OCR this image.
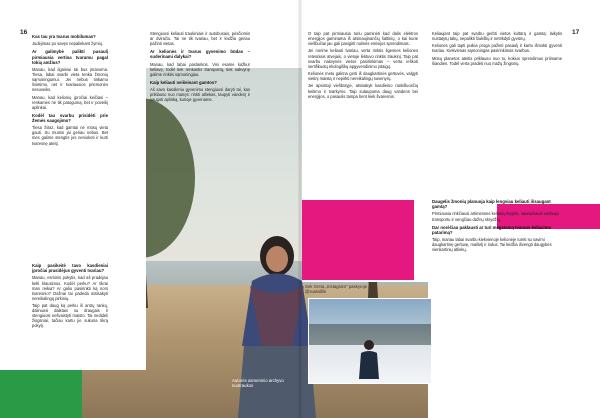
16
Kas tau yra tvarus mobilumas?

Judėjimas po savęs nepaliekant žymių.

Ar galimybė palikti pasaulį pirmiausia vertina tvarumu pagal tokią amžius?

Manau, kad ilgainiui tai bus įmanoma. Tiesa, labai svarbi vieta tenka žmonių sąmoningumui. Jei nebus tinkamo švietimo, net ir tvariausios priemonės nesuveiks.

Manau, kad kelionių įpročiai keičiasi – renkamės ne tik patogumą, bet ir poveikį aplinkai.

Kodėl tau svarbu prisidėti prie Žemės saugojimo?

Tiesa Širaz, kad gamtai ne mūsų vieta gauti. Su mumis jai geriau nebus. Bet mes galime stengtis jos neniokoti ir kurti tvaresnę ateitį.

Kaip pasikeitė tavo kasdieniai įpročiai prasidėjus gyventi tvariau?

Manau, esminis pokytis, kad aš pradėjau kelti klausimus. Kodėl perku? Ar tikrai man reikia? Ar galiu pasirinkti ką nors tvaresnio? Dažnai tai padeda atsisakyti nereikalingų pirkinių.

Taip pat daug ką perku iš antrų rankų, dalinuosi daiktais su draugais ir stengiuosi nešvaistyti maisto. Tai nedideli žingsniai, tačiau kartu jie sukuria tikrą pokytį.

Stengiuosi keliauti traukiniais ir autobusais, pėsčiomis ar dviračiu. Tai ne tik tvariau, bet ir leidžia geriau pažinti vietas.

Ar kelionės ir tvarus gyvenimo būdas – suderinami dalykai?

Manau, kad labai paslankūs. Visi esame kažkur keliavę, todėl tiek renkantis transportą, tiek nakvynę galime rinktis sąmoningiau.

Kaip keliauti neišeinant gamtos?

Aš savo kasdieniu gyvenimu stengiuosi daryti tai, kas priklauso nuo manęs: rinkti atliekas, taupyti vandenį ir saugoti aplinką, kurioje gyvename.

17

O taip pat pirmiausia turiu paminėti kad dalis elektros energijos gaminama iš atsinaujinančių šaltinių, o kai kurie viešbučiai jau gali pasigirti nulinės emisijos sprendimais.

Jei norime keliauti tvariau, verta rinktis ilgesnes keliones retesniais atvejais, o vietoje lėktuvo rinktis traukinį. Taip pat svarbu nakvynės vietos pasirinkimas – verta ieškoti sertifikuotų ekologiškų apgyvendinimo įstaigų.

Kelionės metu galima gerti iš daugkartinės gertuvės, valgyti vietinį maistą ir nepirkti nereikalingų suvenyrų.

Jei apsistoji viešbutyje, atsisakyk kasdienio rankšluosčių keitimo ir tvarkymo. Taip sutaupoma daug vandens bei energijos, o pasaulis tampa bent kiek švaresnis.

Keliaujant taip pat svarbu gerbti vietos kultūrą ir gamtą: laikytis nustatytų takų, nepalikti šiukšlių ir netrikdyti gyvūnų.

Kelionės gali tapti puikia proga pažinti pasaulį ir kartu išmokti gyventi tvariau. Kiekvienas sąmoningas pasirinkimas svarbus.

Mūsų planetos ateitis priklauso nuo to, kokius sprendimus priimame šiandien. Todėl verta pradėti nuo mažų žingsnių.

Daugelis žmonių planuoja kaip lengviau keliauti išsaugant gamtą?

Pirmiausia rinkčiausi artimesnes kelionių kryptis, naudočiausi viešuoju transportu ir vengčiau dažnų skrydžių.

Dar norėčiau paklausti ar turi mėgstamą tvaraus keliavimo patarimą?

Taip, manau labai svarbu kiekvienoje kelionėje turėti su savimi daugkartinę gertuvę, maišelį ir indus. Tai leidžia išvengti daugybės vienkartinių atliekų.

Sek Greta „Instagram“ paskyroje @sustailife
Autorės asmeninio archyvo nuotraukos
